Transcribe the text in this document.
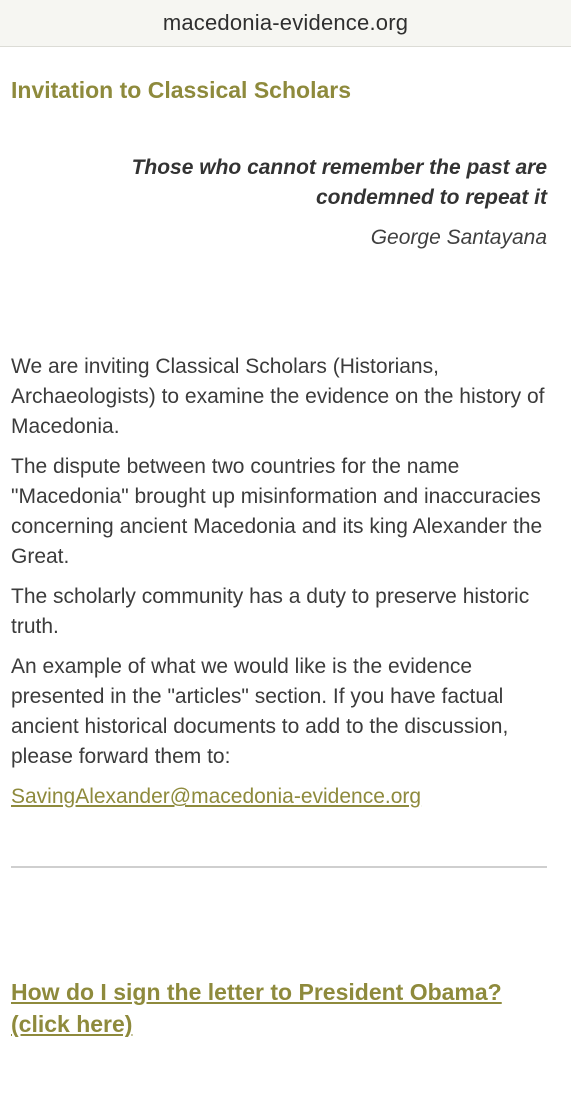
macedonia-evidence.org
Invitation to Classical Scholars

Those who cannot remember the past are
condemned to repeat it

George Santayana

We are inviting Classical Scholars (Historians, Archaeologists) to examine the evidence on the history of Macedonia.

The dispute between two countries for the name "Macedonia" brought up misinformation and inaccuracies concerning ancient Macedonia and its king Alexander the Great.

The scholarly community has a duty to preserve historic truth.

An example of what we would like is the evidence presented in the "articles" section. If you have factual ancient historical documents to add to the discussion, please forward them to:

SavingAlexander@macedonia-evidence.org
How do I sign the letter to President Obama?
(click here)
